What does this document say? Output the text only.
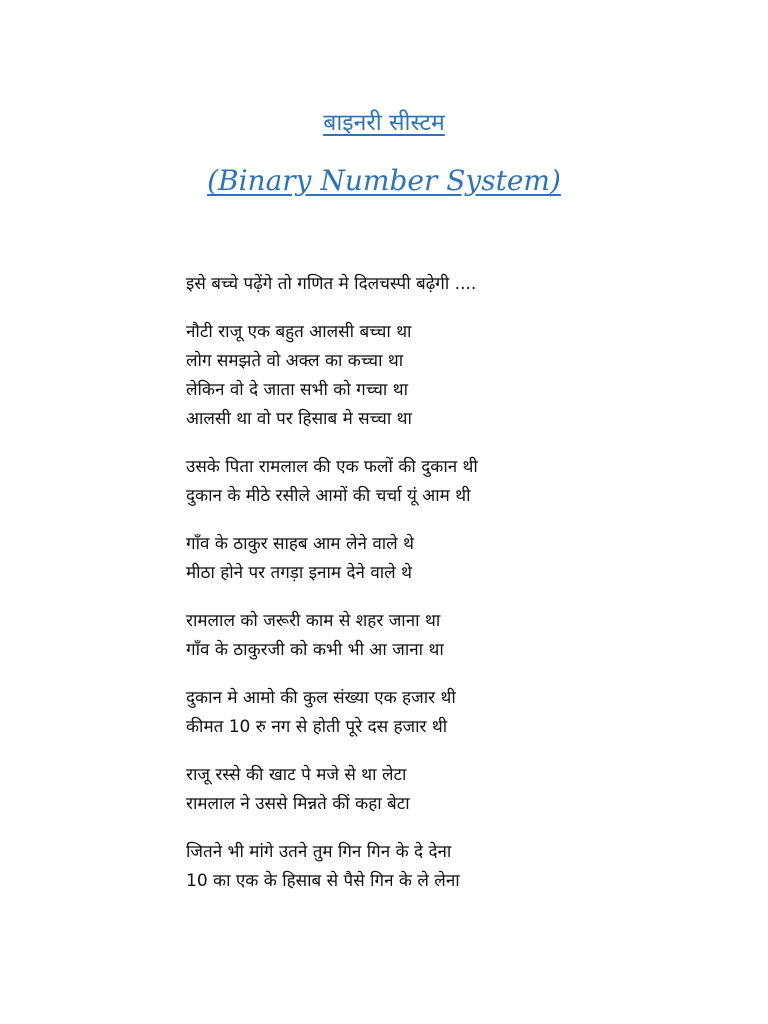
बाइनरी सीस्टम
(Binary Number System)
इसे बच्चे पढ़ेंगे तो गणित मे दिलचस्पी बढ़ेगी ....
नौटी राजू एक बहुत आलसी बच्चा था
लोग समझते वो अक्ल का कच्चा था
लेकिन वो दे जाता सभी को गच्चा था
आलसी था वो पर हिसाब मे सच्चा था
उसके पिता रामलाल की एक फलों की दुकान थी
दुकान के मीठे रसीले आमों की चर्चा यूं आम थी
गाँव के ठाकुर साहब आम लेने वाले थे
मीठा होने पर तगड़ा इनाम देने वाले थे
रामलाल को जरूरी काम से शहर जाना था
गाँव के ठाकुरजी को कभी भी आ जाना था
दुकान मे आमो की कुल संख्या एक हजार थी
कीमत 10 रु नग से होती पूरे दस हजार थी
राजू रस्से की खाट पे मजे से था लेटा
रामलाल ने उससे मिन्नते कीं कहा बेटा
जितने भी मांगे उतने तुम गिन गिन के दे देना
10 का एक के हिसाब से पैसे गिन के ले लेना
